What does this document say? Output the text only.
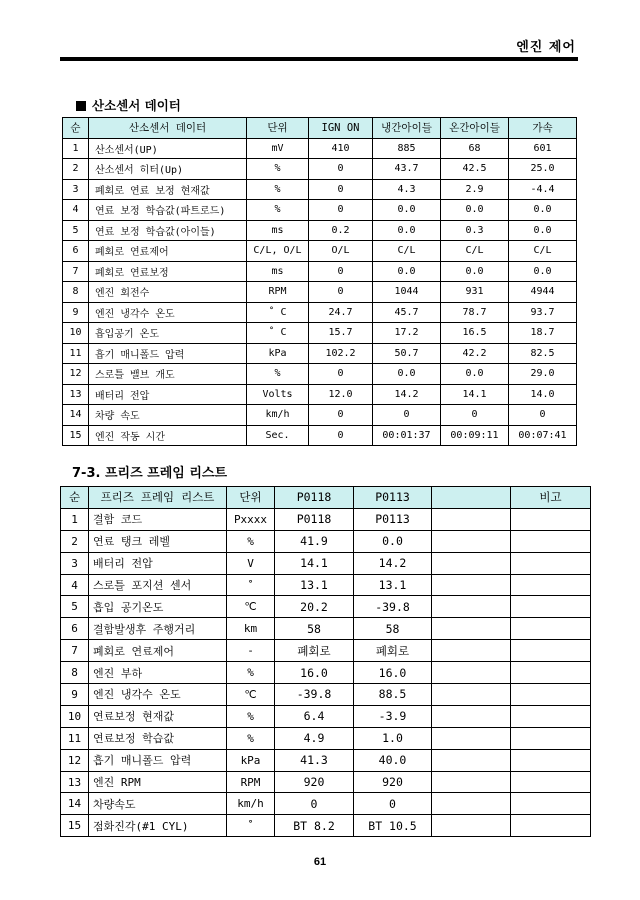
엔진 제어
산소센서 데이터
순	산소센서 데이터	단위	IGN ON	냉간아이들	온간아이들	가속
1	산소센서(UP)	mV	410	885	68	601
2	산소센서 히터(Up)	%	0	43.7	42.5	25.0
3	폐회로 연료 보정 현재값	%	0	4.3	2.9	-4.4
4	연료 보정 학습값(파트로드)	%	0	0.0	0.0	0.0
5	연료 보정 학습값(아이들)	ms	0.2	0.0	0.3	0.0
6	폐회로 연료제어	C/L, O/L	O/L	C/L	C/L	C/L
7	폐회로 연료보정	ms	0	0.0	0.0	0.0
8	엔진 회전수	RPM	0	1044	931	4944
9	엔진 냉각수 온도	˚ C	24.7	45.7	78.7	93.7
10	흡입공기 온도	˚ C	15.7	17.2	16.5	18.7
11	흡기 매니폴드 압력	kPa	102.2	50.7	42.2	82.5
12	스로틀 밸브 개도	%	0	0.0	0.0	29.0
13	배터리 전압	Volts	12.0	14.2	14.1	14.0
14	차량 속도	km/h	0	0	0	0
15	엔진 작동 시간	Sec.	0	00:01:37	00:09:11	00:07:41
7-3. 프리즈 프레임 리스트
순	프리즈 프레임 리스트	단위	P0118	P0113		비고
1	결함 코드	Pxxxx	P0118	P0113		
2	연료 탱크 레벨	%	41.9	0.0		
3	배터리 전압	V	14.1	14.2		
4	스로틀 포지션 센서	˚	13.1	13.1		
5	흡입 공기온도	℃	20.2	-39.8		
6	결함발생후 주행거리	km	58	58		
7	폐회로 연료제어	-	폐회로	폐회로		
8	엔진 부하	%	16.0	16.0		
9	엔진 냉각수 온도	℃	-39.8	88.5		
10	연료보정 현재값	%	6.4	-3.9		
11	연료보정 학습값	%	4.9	1.0		
12	흡기 매니폴드 압력	kPa	41.3	40.0		
13	엔진 RPM	RPM	920	920		
14	차량속도	km/h	0	0		
15	점화진각(#1 CYL)	˚	BT 8.2	BT 10.5		
61
